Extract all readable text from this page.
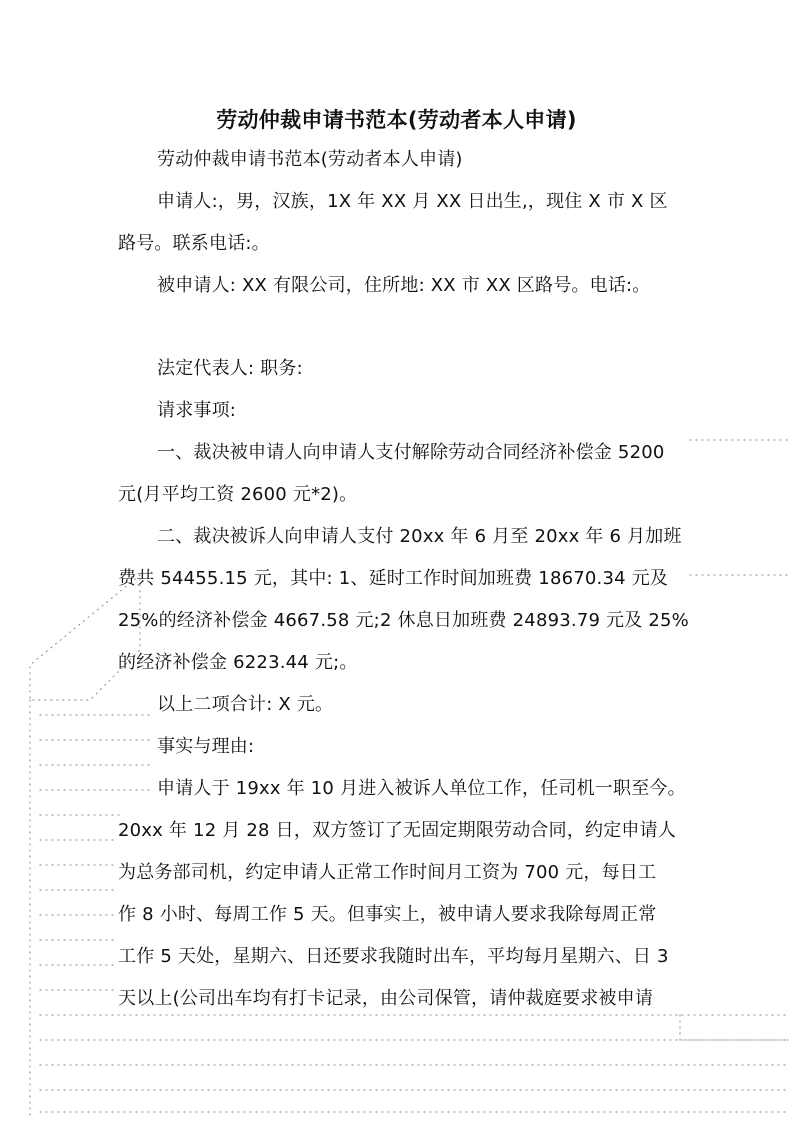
劳动仲裁申请书范本(劳动者本人申请)
劳动仲裁申请书范本(劳动者本人申请)
申请人:，男，汉族，1X 年 XX 月 XX 日出生,，现住 X 市 X 区
路号。联系电话:。
被申请人: XX 有限公司，住所地: XX 市 XX 区路号。电话:。
法定代表人: 职务:
请求事项:
一、裁决被申请人向申请人支付解除劳动合同经济补偿金 5200
元(月平均工资 2600 元*2)。
二、裁决被诉人向申请人支付 20xx 年 6 月至 20xx 年 6 月加班
费共 54455.15 元，其中: 1、延时工作时间加班费 18670.34 元及
25%的经济补偿金 4667.58 元;2 休息日加班费 24893.79 元及 25%
的经济补偿金 6223.44 元;。
以上二项合计: X 元。
事实与理由:
申请人于 19xx 年 10 月进入被诉人单位工作，任司机一职至今。
20xx 年 12 月 28 日，双方签订了无固定期限劳动合同，约定申请人
为总务部司机，约定申请人正常工作时间月工资为 700 元，每日工
作 8 小时、每周工作 5 天。但事实上，被申请人要求我除每周正常
工作 5 天处，星期六、日还要求我随时出车，平均每月星期六、日 3
天以上(公司出车均有打卡记录，由公司保管，请仲裁庭要求被申请
